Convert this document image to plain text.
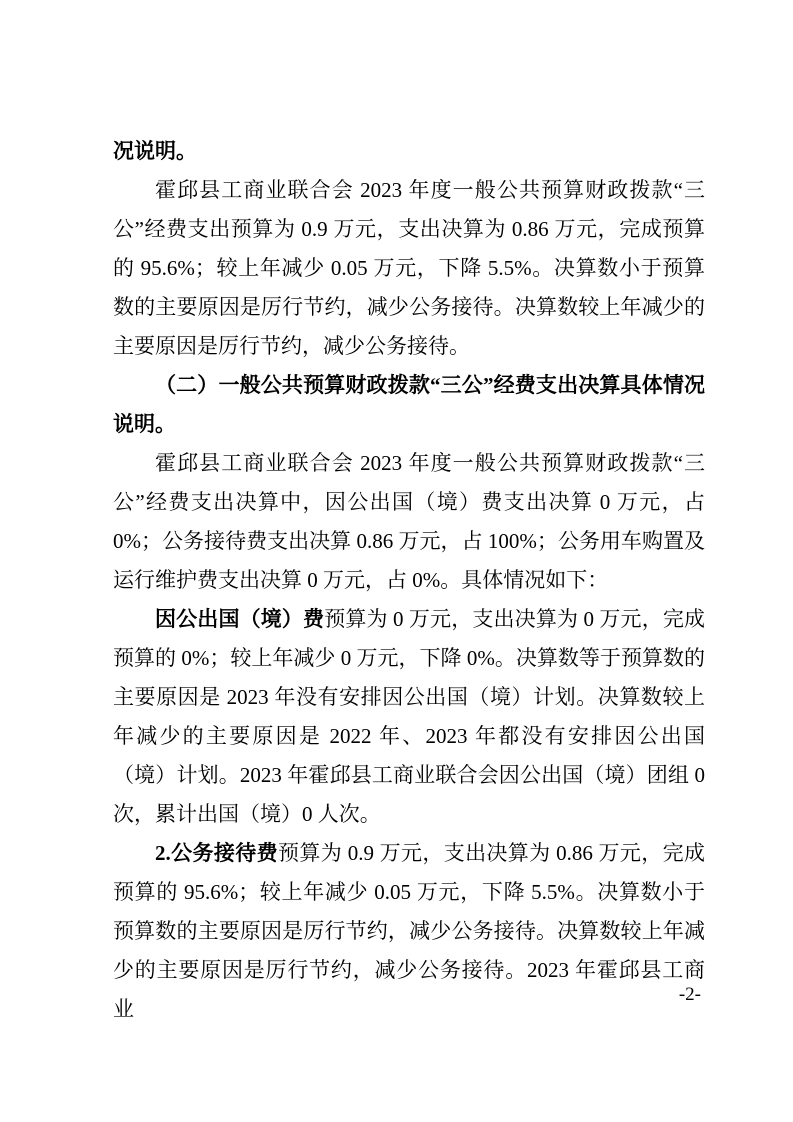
况说明。

霍邱县工商业联合会 2023 年度一般公共预算财政拨款“三公”经费支出预算为 0.9 万元，支出决算为 0.86 万元，完成预算的 95.6%；较上年减少 0.05 万元，下降 5.5%。决算数小于预算数的主要原因是厉行节约，减少公务接待。决算数较上年减少的主要原因是厉行节约，减少公务接待。

（二）一般公共预算财政拨款“三公”经费支出决算具体情况说明。

霍邱县工商业联合会 2023 年度一般公共预算财政拨款“三公”经费支出决算中，因公出国（境）费支出决算 0 万元，占 0%；公务接待费支出决算 0.86 万元，占 100%；公务用车购置及运行维护费支出决算 0 万元，占 0%。具体情况如下：

因公出国（境）费预算为 0 万元，支出决算为 0 万元，完成预算的 0%；较上年减少 0 万元，下降 0%。决算数等于预算数的主要原因是 2023 年没有安排因公出国（境）计划。决算数较上年减少的主要原因是 2022 年、2023 年都没有安排因公出国（境）计划。2023 年霍邱县工商业联合会因公出国（境）团组 0 次，累计出国（境）0 人次。

2.公务接待费预算为 0.9 万元，支出决算为 0.86 万元，完成预算的 95.6%；较上年减少 0.05 万元，下降 5.5%。决算数小于预算数的主要原因是厉行节约，减少公务接待。决算数较上年减少的主要原因是厉行节约，减少公务接待。2023 年霍邱县工商业

-2-
